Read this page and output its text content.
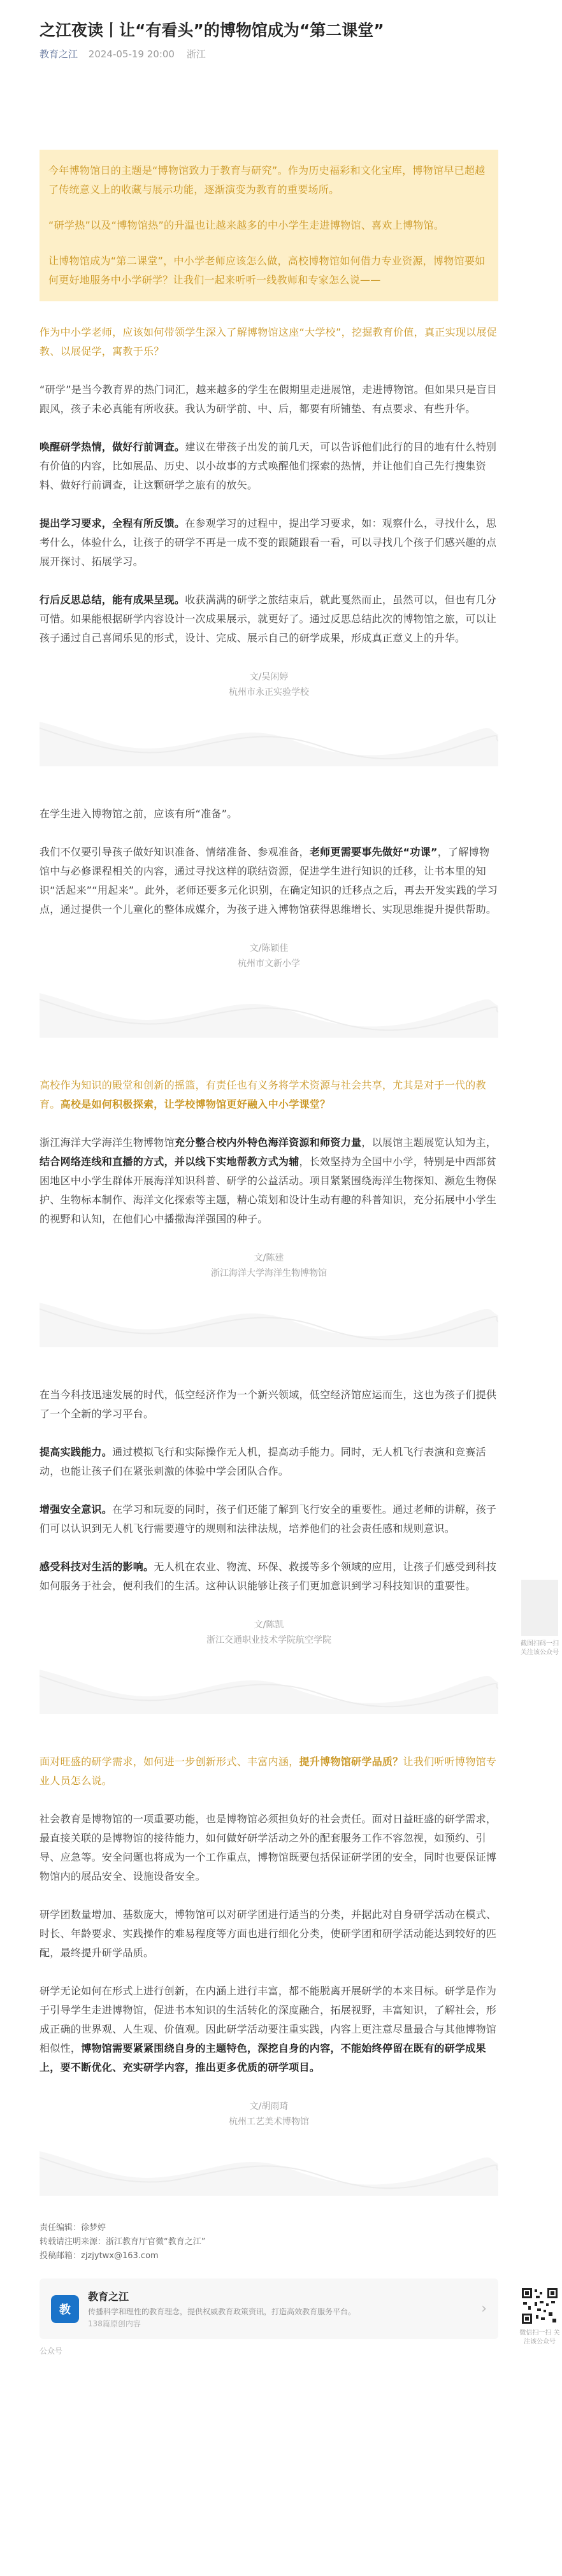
之江夜读丨让“有看头”的博物馆成为“第二课堂”
教育之江 2024-05-19 20:00 浙江

今年博物馆日的主题是“博物馆致力于教育与研究”。作为历史福彩和文化宝库，博物馆早已超越了传统意义上的收藏与展示功能，逐渐演变为教育的重要场所。

“研学热”以及“博物馆热”的升温也让越来越多的中小学生走进博物馆、喜欢上博物馆。

让博物馆成为“第二课堂”，中小学老师应该怎么做，高校博物馆如何借力专业资源，博物馆要如何更好地服务中小学研学？让我们一起来听听一线教师和专家怎么说——

作为中小学老师，应该如何带领学生深入了解博物馆这座“大学校”，挖掘教育价值，真正实现以展促教、以展促学，寓教于乐？

“研学”是当今教育界的热门词汇，越来越多的学生在假期里走进展馆，走进博物馆。但如果只是盲目跟风，孩子未必真能有所收获。我认为研学前、中、后，都要有所铺垫、有点要求、有些升华。

唤醒研学热情，做好行前调查。建议在带孩子出发的前几天，可以告诉他们此行的目的地有什么特别有价值的内容，比如展品、历史、以小故事的方式唤醒他们探索的热情，并让他们自己先行搜集资料、做好行前调查，让这颗研学之旅有的放矢。

提出学习要求，全程有所反馈。在参观学习的过程中，提出学习要求，如：观察什么，寻找什么，思考什么，体验什么，让孩子的研学不再是一成不变的跟随跟看一看，可以寻找几个孩子们感兴趣的点展开探讨、拓展学习。

行后反思总结，能有成果呈现。收获满满的研学之旅结束后，就此戛然而止，虽然可以，但也有几分可惜。如果能根据研学内容设计一次成果展示，就更好了。通过反思总结此次的博物馆之旅，可以让孩子通过自己喜闻乐见的形式，设计、完成、展示自己的研学成果，形成真正意义上的升华。

文/吴闲婷
杭州市永正实验学校

在学生进入博物馆之前，应该有所“准备”。

我们不仅要引导孩子做好知识准备、情绪准备、参观准备，老师更需要事先做好“功课”，了解博物馆中与必修课程相关的内容，通过寻找这样的联结资源，促进学生进行知识的迁移，让书本里的知识“活起来”“用起来”。此外，老师还要多元化识别，在确定知识的迁移点之后，再去开发实践的学习点，通过提供一个儿童化的整体成媒介，为孩子进入博物馆获得思维增长、实现思维提升提供帮助。

文/陈颖佳
杭州市文新小学

高校作为知识的殿堂和创新的摇篮，有责任也有义务将学术资源与社会共享，尤其是对于一代的教育。高校是如何积极探索，让学校博物馆更好融入中小学课堂？

浙江海洋大学海洋生物博物馆充分整合校内外特色海洋资源和师资力量，以展馆主题展览认知为主，结合网络连线和直播的方式，并以线下实地帮教方式为辅，长效坚持为全国中小学，特别是中西部贫困地区中小学生群体开展海洋知识科普、研学的公益活动。项目紧紧围绕海洋生物探知、濒危生物保护、生物标本制作、海洋文化探索等主题，精心策划和设计生动有趣的科普知识，充分拓展中小学生的视野和认知，在他们心中播撒海洋强国的种子。

文/陈建
浙江海洋大学海洋生物博物馆

在当今科技迅速发展的时代，低空经济作为一个新兴领域，低空经济馆应运而生，这也为孩子们提供了一个全新的学习平台。

提高实践能力。通过模拟飞行和实际操作无人机，提高动手能力。同时，无人机飞行表演和竞赛活动，也能让孩子们在紧张刺激的体验中学会团队合作。

增强安全意识。在学习和玩耍的同时，孩子们还能了解到飞行安全的重要性。通过老师的讲解，孩子们可以认识到无人机飞行需要遵守的规则和法律法规，培养他们的社会责任感和规则意识。

感受科技对生活的影响。无人机在农业、物流、环保、救援等多个领域的应用，让孩子们感受到科技如何服务于社会，便利我们的生活。这种认识能够让孩子们更加意识到学习科技知识的重要性。

文/陈凯
浙江交通职业技术学院航空学院

面对旺盛的研学需求，如何进一步创新形式、丰富内涵，提升博物馆研学品质？让我们听听博物馆专业人员怎么说。

社会教育是博物馆的一项重要功能，也是博物馆必须担负好的社会责任。面对日益旺盛的研学需求，最直接关联的是博物馆的接待能力，如何做好研学活动之外的配套服务工作不容忽视，如预约、引导、应急等。安全问题也将成为一个工作重点，博物馆既要包括保证研学团的安全，同时也要保证博物馆内的展品安全、设施设备安全。

研学团数量增加、基数庞大，博物馆可以对研学团进行适当的分类，并据此对自身研学活动在模式、时长、年龄要求、实践操作的难易程度等方面也进行细化分类，使研学团和研学活动能达到较好的匹配，最终提升研学品质。

研学无论如何在形式上进行创新，在内涵上进行丰富，都不能脱离开展研学的本来目标。研学是作为于引导学生走进博物馆，促进书本知识的生活转化的深度融合，拓展视野，丰富知识，了解社会，形成正确的世界观、人生观、价值观。因此研学活动要注重实践，内容上更注意尽量最合与其他博物馆相似性，博物馆需要紧紧围绕自身的主题特色，深挖自身的内容，不能始终停留在既有的研学成果上，要不断优化、充实研学内容，推出更多优质的研学项目。

文/胡雨琦
杭州工艺美术博物馆
责任编辑：徐梦婷
转载请注明来源：浙江教育厅官微“教育之江”
投稿邮箱：zjzjytwx@163.com
教
教育之江
传播科学和理性的教育理念，提供权威教育政策资讯，打造高效教育服务平台。
138篇原创内容
›
公众号
截图扫码一扫 关注该公众号
微信扫一扫 关注该公众号
